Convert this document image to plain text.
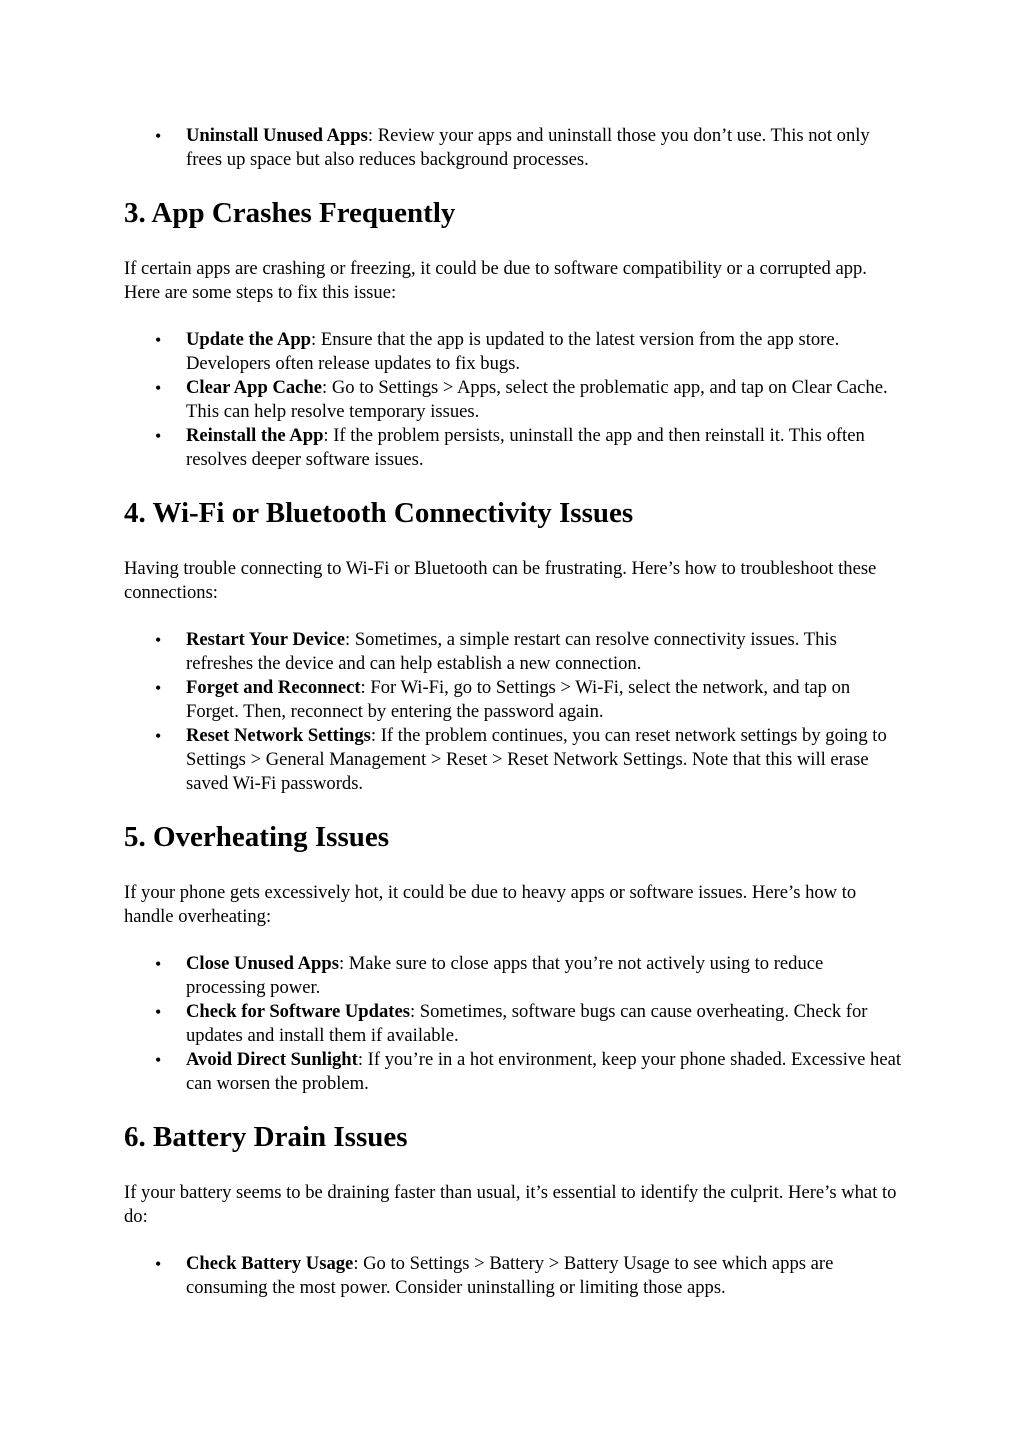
• Uninstall Unused Apps: Review your apps and uninstall those you don’t use. This not only frees up space but also reduces background processes.
3. App Crashes Frequently

If certain apps are crashing or freezing, it could be due to software compatibility or a corrupted app. Here are some steps to fix this issue:

• Update the App: Ensure that the app is updated to the latest version from the app store. Developers often release updates to fix bugs.
• Clear App Cache: Go to Settings > Apps, select the problematic app, and tap on Clear Cache. This can help resolve temporary issues.
• Reinstall the App: If the problem persists, uninstall the app and then reinstall it. This often resolves deeper software issues.
4. Wi-Fi or Bluetooth Connectivity Issues

Having trouble connecting to Wi-Fi or Bluetooth can be frustrating. Here’s how to troubleshoot these connections:

• Restart Your Device: Sometimes, a simple restart can resolve connectivity issues. This refreshes the device and can help establish a new connection.
• Forget and Reconnect: For Wi-Fi, go to Settings > Wi-Fi, select the network, and tap on Forget. Then, reconnect by entering the password again.
• Reset Network Settings: If the problem continues, you can reset network settings by going to Settings > General Management > Reset > Reset Network Settings. Note that this will erase saved Wi-Fi passwords.
5. Overheating Issues

If your phone gets excessively hot, it could be due to heavy apps or software issues. Here’s how to handle overheating:

• Close Unused Apps: Make sure to close apps that you’re not actively using to reduce processing power.
• Check for Software Updates: Sometimes, software bugs can cause overheating. Check for updates and install them if available.
• Avoid Direct Sunlight: If you’re in a hot environment, keep your phone shaded. Excessive heat can worsen the problem.
6. Battery Drain Issues

If your battery seems to be draining faster than usual, it’s essential to identify the culprit. Here’s what to do:

• Check Battery Usage: Go to Settings > Battery > Battery Usage to see which apps are consuming the most power. Consider uninstalling or limiting those apps.
